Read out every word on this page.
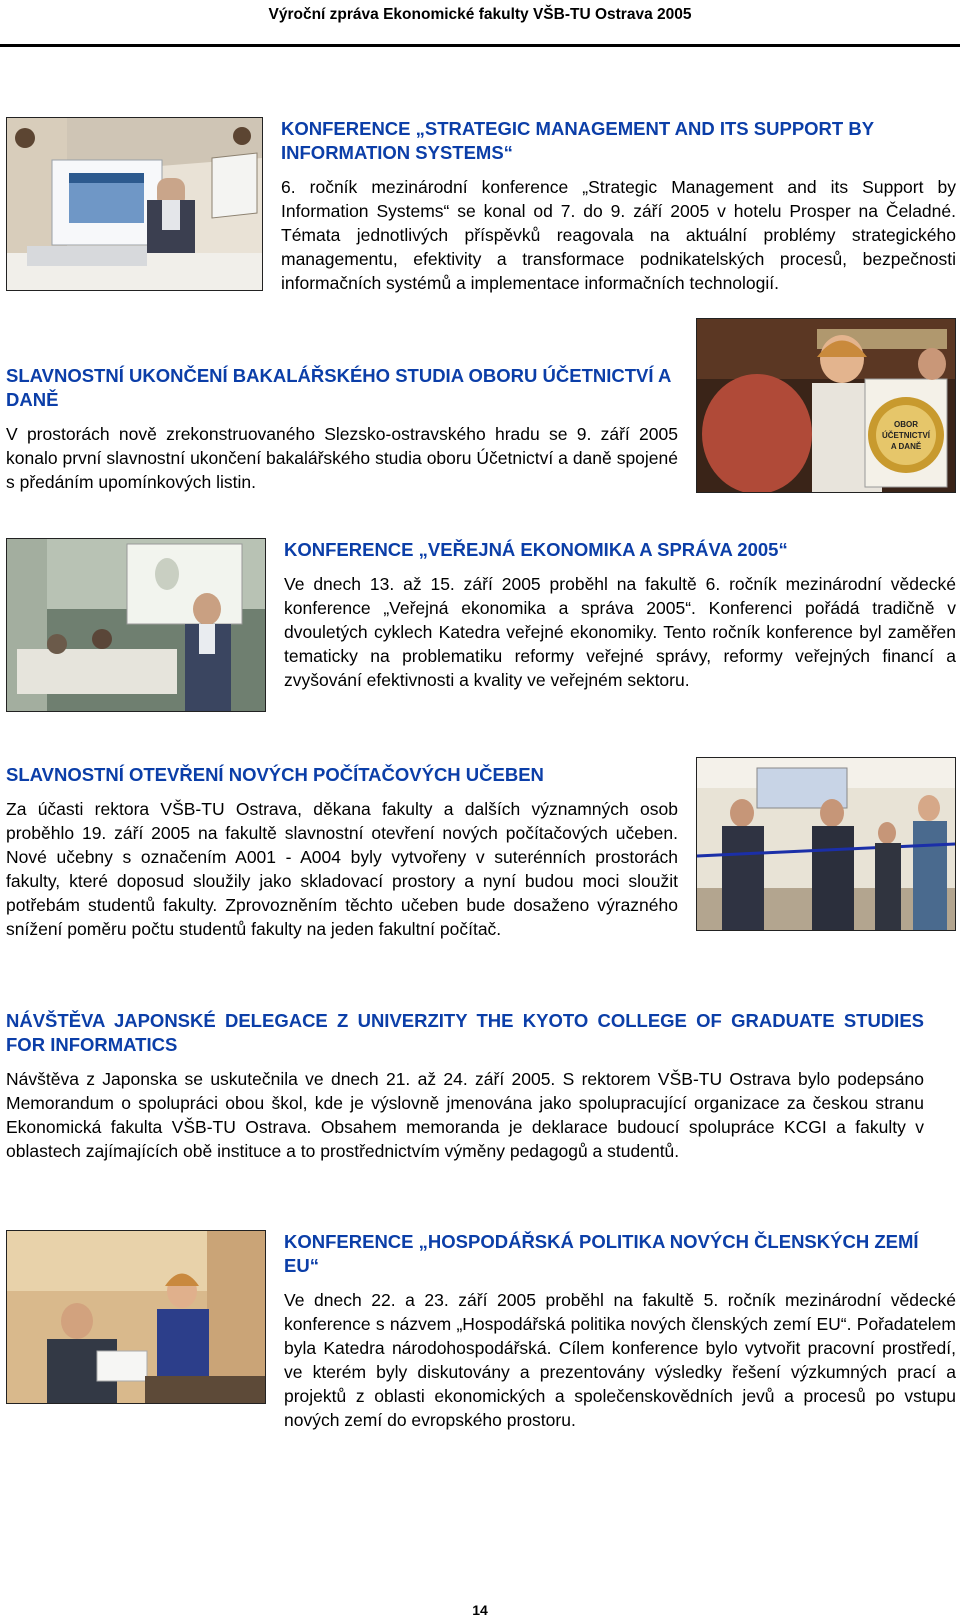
Výroční zpráva Ekonomické fakulty VŠB-TU Ostrava 2005

KONFERENCE „STRATEGIC MANAGEMENT AND ITS SUPPORT BY INFORMATION SYSTEMS“

6. ročník mezinárodní konference „Strategic Management and its Support by Information Systems“ se konal od 7. do 9. září 2005 v hotelu Prosper na Čeladné. Témata jednotlivých příspěvků reagovala na aktuální problémy strategického managementu, efektivity a transformace podnikatelských procesů, bezpečnosti informačních systémů a implementace informačních technologií.

OBOR
ÚČETNICTVÍ
A DANĚ

SLAVNOSTNÍ UKONČENÍ BAKALÁŘSKÉHO STUDIA OBORU ÚČETNICTVÍ A DANĚ

V prostorách nově zrekonstruovaného Slezsko-ostravského hradu se 9. září 2005 konalo první slavnostní ukončení bakalářského studia oboru Účetnictví a daně spojené s předáním upomínkových listin.

KONFERENCE „VEŘEJNÁ EKONOMIKA A SPRÁVA 2005“

Ve dnech 13. až 15. září 2005 proběhl na fakultě 6. ročník mezinárodní vědecké konference „Veřejná ekonomika a správa 2005“. Konferenci pořádá tradičně v dvouletých cyklech Katedra veřejné ekonomiky. Tento ročník konference byl zaměřen tematicky na problematiku reformy veřejné správy, reformy veřejných financí a zvyšování efektivnosti a kvality ve veřejném sektoru.

SLAVNOSTNÍ OTEVŘENÍ NOVÝCH POČÍTAČOVÝCH UČEBEN

Za účasti rektora VŠB-TU Ostrava, děkana fakulty a dalších významných osob proběhlo 19. září 2005 na fakultě slavnostní otevření nových počítačových učeben. Nové učebny s označením A001 - A004 byly vytvořeny v suterénních prostorách fakulty, které doposud sloužily jako skladovací prostory a nyní budou moci sloužit potřebám studentů fakulty. Zprovozněním těchto učeben bude dosaženo výrazného snížení poměru počtu studentů fakulty na jeden fakultní počítač.

NÁVŠTĚVA JAPONSKÉ DELEGACE Z UNIVERZITY THE KYOTO COLLEGE OF GRADUATE STUDIES FOR INFORMATICS

Návštěva z Japonska se uskutečnila ve dnech 21. až 24. září 2005. S rektorem VŠB-TU Ostrava bylo podepsáno Memorandum o spolupráci obou škol, kde je výslovně jmenována jako spolupracující organizace za českou stranu Ekonomická fakulta VŠB-TU Ostrava. Obsahem memoranda je deklarace budoucí spolupráce KCGI a fakulty v oblastech zajímajících obě instituce a to prostřednictvím výměny pedagogů a studentů.

KONFERENCE „HOSPODÁŘSKÁ POLITIKA NOVÝCH ČLENSKÝCH ZEMÍ EU“

Ve dnech 22. a 23. září 2005 proběhl na fakultě 5. ročník mezinárodní vědecké konference s názvem „Hospodářská politika nových členských zemí EU“. Pořadatelem byla Katedra národohospodářská. Cílem konference bylo vytvořit pracovní prostředí, ve kterém byly diskutovány a prezentovány výsledky řešení výzkumných prací a projektů z oblasti ekonomických a společenskovědních jevů a procesů po vstupu nových zemí do evropského prostoru.

14
